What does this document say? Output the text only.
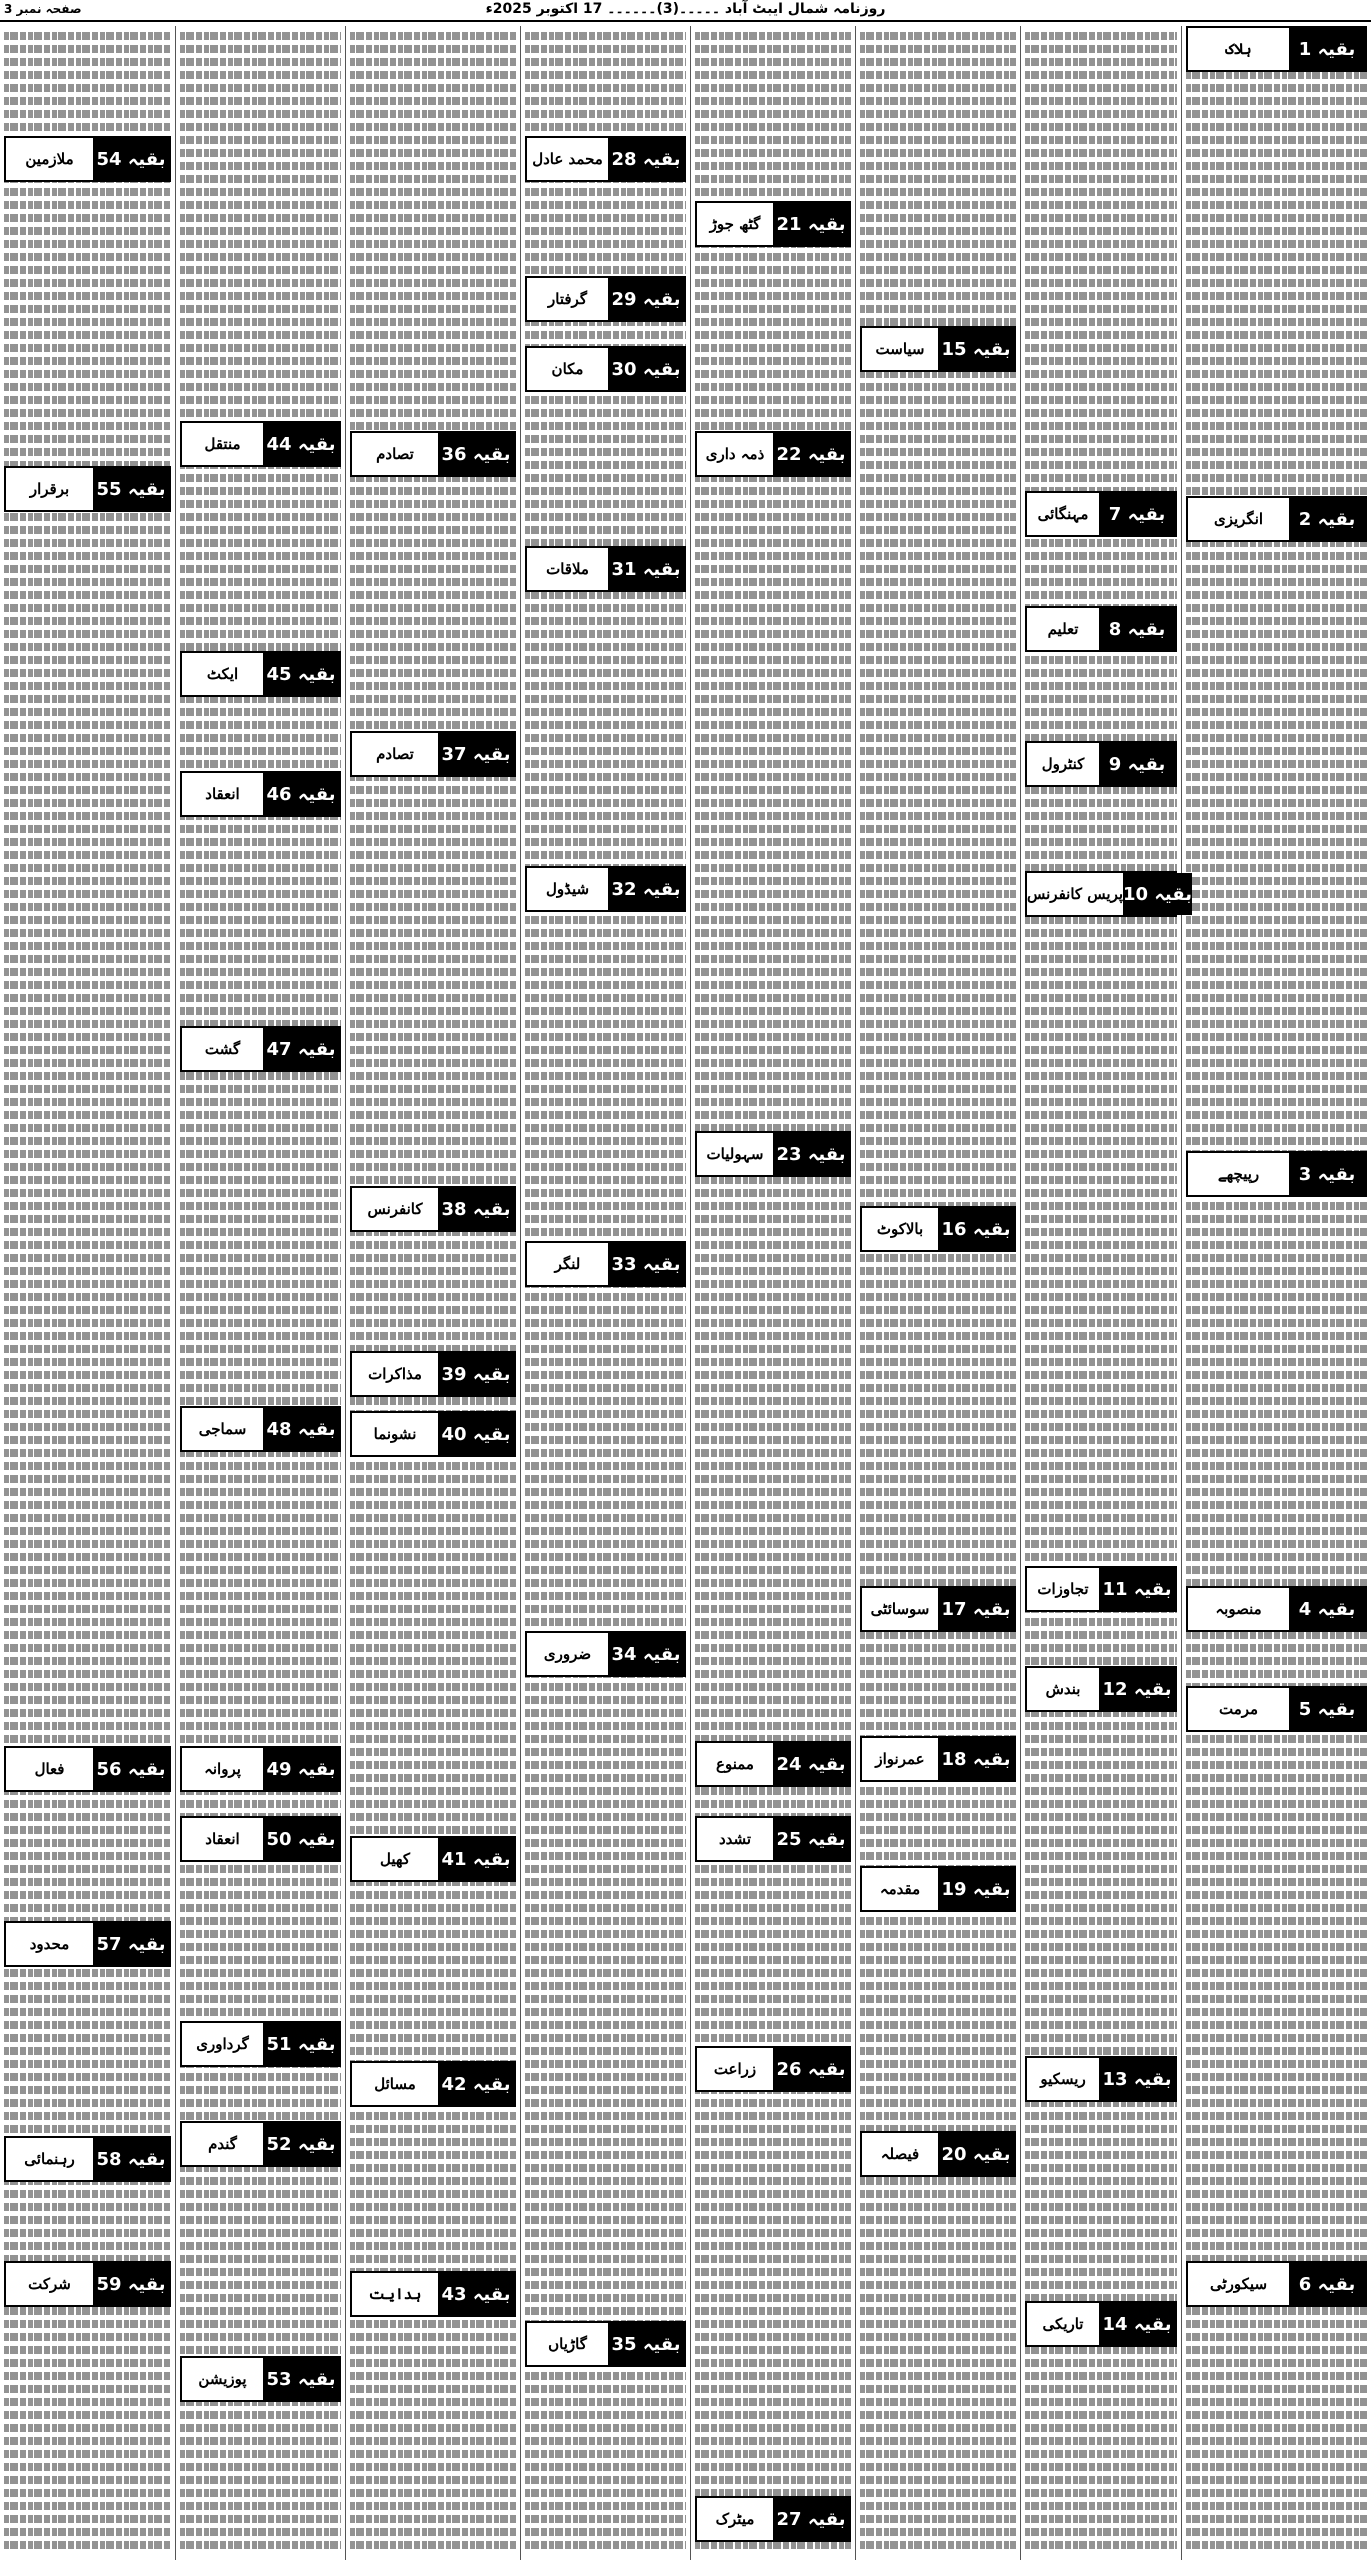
صفحہ نمبر 3	روزنامہ شمال ایبٹ آباد ۔۔۔۔۔(3)۔۔۔۔۔۔ 17 اکتوبر 2025ء
ہلاک	بقیہ 1
انگریزی	بقیہ 2
رپیچھے	بقیہ 3
منصوبہ	بقیہ 4
مرمت	بقیہ 5
سیکورٹی	بقیہ 6
مہنگائی	بقیہ 7
تعلیم	بقیہ 8
کنٹرول	بقیہ 9
پریس کانفرنس بقیہ 10
تجاوزات بقیہ 11
بندش	بقیہ 12
ریسکیو بقیہ 13
تاریکی	بقیہ 14
سیاست بقیہ 15
بالاکوٹ	بقیہ 16
سوسائٹی بقیہ 17
عمرنواز بقیہ 18
مقدمہ	بقیہ 19
فیصلہ	بقیہ 20
گٹھ جوڑ بقیہ 21
ذمہ داری بقیہ 22
سہولیات بقیہ 23
ممنوع	بقیہ 24
تشدد	بقیہ 25
زراعت	بقیہ 26
میٹرک	بقیہ 27
محمد عادل بقیہ 28
گرفتار	بقیہ 29
مکان	بقیہ 30
ملاقات	بقیہ 31
شیڈول	بقیہ 32
لنگر	بقیہ 33
ضروری	بقیہ 34
گاڑیاں	بقیہ 35
تصادم	بقیہ 36
تصادم	بقیہ 37
کانفرنس	بقیہ 38
مذاکرات	بقیہ 39
نشونما	بقیہ 40
کھیل	بقیہ 41
مسائل	بقیہ 42
ہدایت	بقیہ 43
منتقل	بقیہ 44
ایکٹ	بقیہ 45
انعقاد	بقیہ 46
گشت	بقیہ 47
سماجی	بقیہ 48
پروانہ	بقیہ 49
انعقاد	بقیہ 50
گرداوری بقیہ 51
گندم	بقیہ 52
پوزیشن	بقیہ 53
ملازمین	بقیہ 54
برقرار	بقیہ 55
فعال	بقیہ 56
محدود	بقیہ 57
رہنمائی	بقیہ 58
شرکت	بقیہ 59
